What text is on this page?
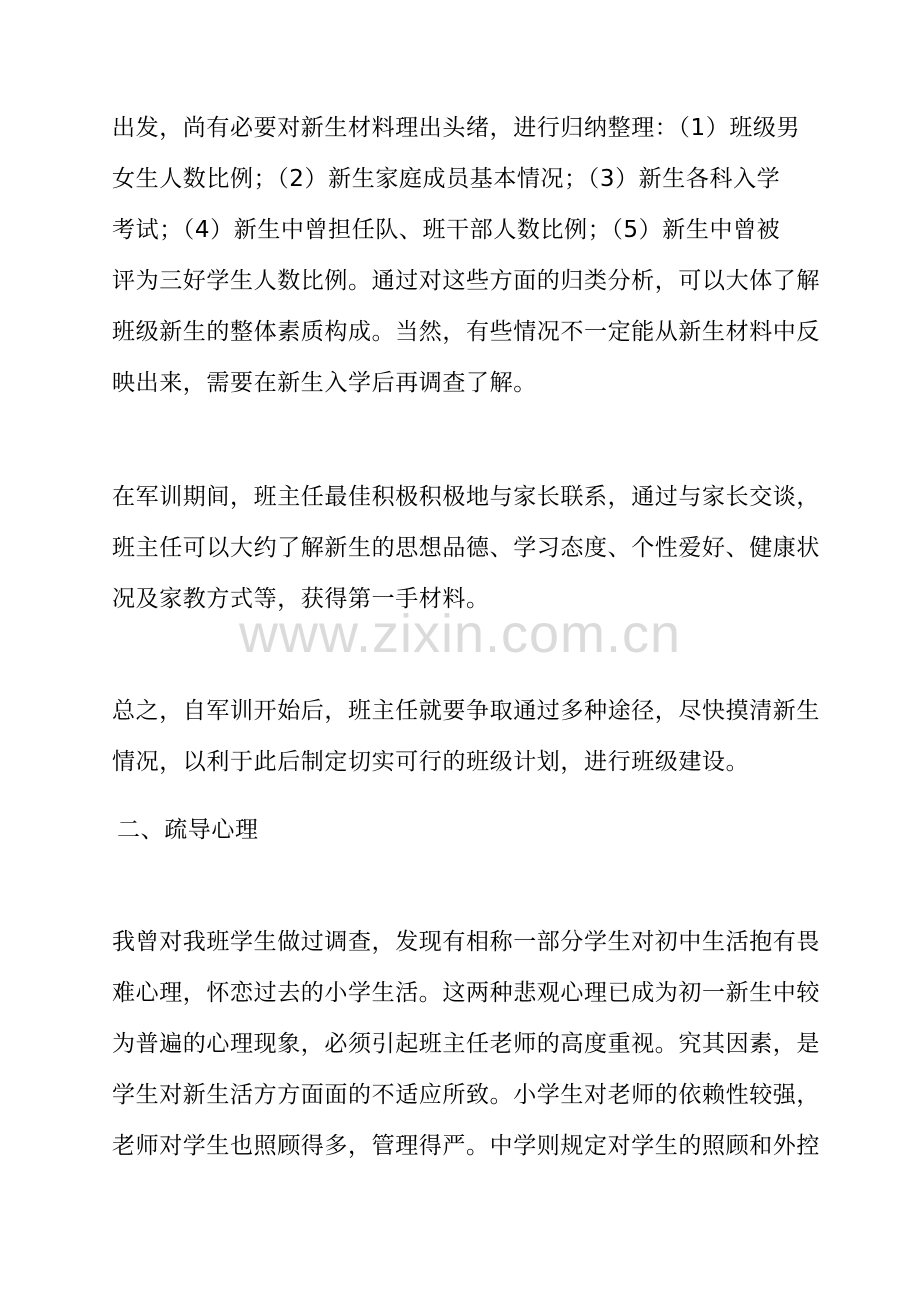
出发，尚有必要对新生材料理出头绪，进行归纳整理：（1）班级男
女生人数比例；（2）新生家庭成员基本情况；（3）新生各科入学
考试；（4）新生中曾担任队、班干部人数比例；（5）新生中曾被
评为三好学生人数比例。通过对这些方面的归类分析，可以大体了解
班级新生的整体素质构成。当然，有些情况不一定能从新生材料中反
映出来，需要在新生入学后再调查了解。
在军训期间，班主任最佳积极积极地与家长联系，通过与家长交谈，
班主任可以大约了解新生的思想品德、学习态度、个性爱好、健康状
况及家教方式等，获得第一手材料。
www.zixin.com.cn
总之，自军训开始后，班主任就要争取通过多种途径，尽快摸清新生
情况，以利于此后制定切实可行的班级计划，进行班级建设。
二、疏导心理
我曾对我班学生做过调查，发现有相称一部分学生对初中生活抱有畏
难心理，怀恋过去的小学生活。这两种悲观心理已成为初一新生中较
为普遍的心理现象，必须引起班主任老师的高度重视。究其因素，是
学生对新生活方方面面的不适应所致。小学生对老师的依赖性较强，
老师对学生也照顾得多，管理得严。中学则规定对学生的照顾和外控
